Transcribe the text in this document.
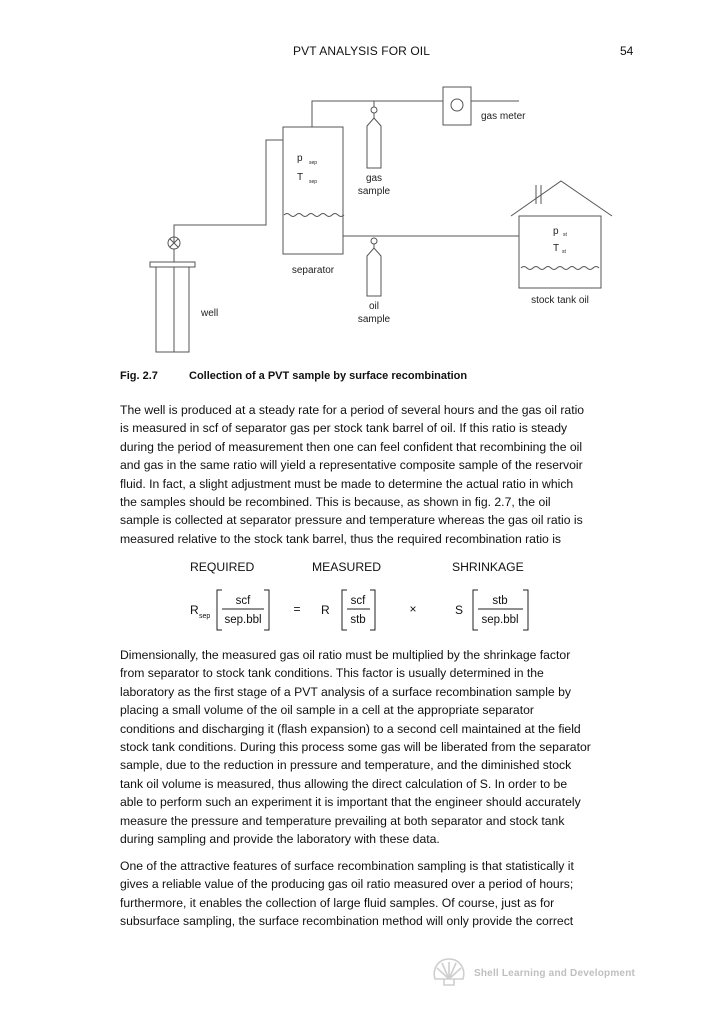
PVT ANALYSIS FOR OIL	54
gas meter
p sep
T sep	gas
sample
separator
oil
sample
well
p st
T st
stock tank oil
Fig. 2.7	Collection of a PVT sample by surface recombination
The well is produced at a steady rate for a period of several hours and the gas oil ratio
is measured in scf of separator gas per stock tank barrel of oil. If this ratio is steady
during the period of measurement then one can feel confident that recombining the oil
and gas in the same ratio will yield a representative composite sample of the reservoir
fluid. In fact, a slight adjustment must be made to determine the actual ratio in which
the samples should be recombined. This is because, as shown in fig. 2.7, the oil
sample is collected at separator pressure and temperature whereas the gas oil ratio is
measured relative to the stock tank barrel, thus the required recombination ratio is
REQUIRED	MEASURED	SHRINKAGE
R sep
scf
sep.bbl
= R
scf
stb
×	S
stb
sep.bbl
Dimensionally, the measured gas oil ratio must be multiplied by the shrinkage factor
from separator to stock tank conditions. This factor is usually determined in the
laboratory as the first stage of a PVT analysis of a surface recombination sample by
placing a small volume of the oil sample in a cell at the appropriate separator
conditions and discharging it (flash expansion) to a second cell maintained at the field
stock tank conditions. During this process some gas will be liberated from the separator
sample, due to the reduction in pressure and temperature, and the diminished stock
tank oil volume is measured, thus allowing the direct calculation of S. In order to be
able to perform such an experiment it is important that the engineer should accurately
measure the pressure and temperature prevailing at both separator and stock tank
during sampling and provide the laboratory with these data.
One of the attractive features of surface recombination sampling is that statistically it
gives a reliable value of the producing gas oil ratio measured over a period of hours;
furthermore, it enables the collection of large fluid samples. Of course, just as for
subsurface sampling, the surface recombination method will only provide the correct
Shell Learning and Development
